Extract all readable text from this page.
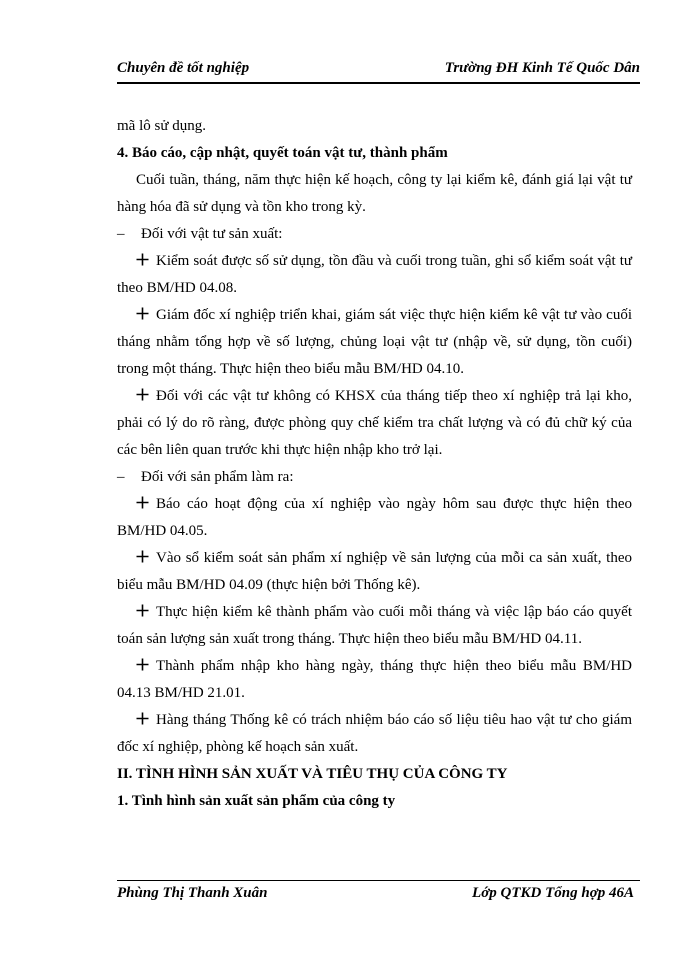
Chuyên đề tốt nghiệp	Trường ĐH Kinh Tế Quốc Dân

mã lô sử dụng.

4. Báo cáo, cập nhật, quyết toán vật tư, thành phẩm

Cuối tuần, tháng, năm thực hiện kế hoạch, công ty lại kiểm kê, đánh giá lại vật tư hàng hóa đã sử dụng và tồn kho trong kỳ.

– Đối với vật tư sản xuất:

Kiểm soát được số sử dụng, tồn đầu và cuối trong tuần, ghi sổ kiểm soát vật tư theo BM/HD 04.08.

Giám đốc xí nghiệp triển khai, giám sát việc thực hiện kiểm kê vật tư vào cuối tháng nhằm tổng hợp về số lượng, chủng loại vật tư (nhập về, sử dụng, tồn cuối) trong một tháng. Thực hiện theo biểu mẫu BM/HD 04.10.

Đối với các vật tư không có KHSX của tháng tiếp theo xí nghiệp trả lại kho, phải có lý do rõ ràng, được phòng quy chế kiểm tra chất lượng và có đủ chữ ký của các bên liên quan trước khi thực hiện nhập kho trở lại.

– Đối với sản phẩm làm ra:

Báo cáo hoạt động của xí nghiệp vào ngày hôm sau được thực hiện theo BM/HD 04.05.

Vào sổ kiểm soát sản phẩm xí nghiệp về sản lượng của mỗi ca sản xuất, theo biểu mẫu BM/HD 04.09 (thực hiện bởi Thống kê).

Thực hiện kiểm kê thành phẩm vào cuối mỗi tháng và việc lập báo cáo quyết toán sản lượng sản xuất trong tháng. Thực hiện theo biểu mẫu BM/HD 04.11.

Thành phẩm nhập kho hàng ngày, tháng thực hiện theo biểu mẫu BM/HD 04.13 BM/HD 21.01.

Hàng tháng Thống kê có trách nhiệm báo cáo số liệu tiêu hao vật tư cho giám đốc xí nghiệp, phòng kế hoạch sản xuất.

II. TÌNH HÌNH SẢN XUẤT VÀ TIÊU THỤ CỦA CÔNG TY

1. Tình hình sản xuất sản phẩm của công ty

Phùng Thị Thanh Xuân	Lớp QTKD Tổng hợp 46A
